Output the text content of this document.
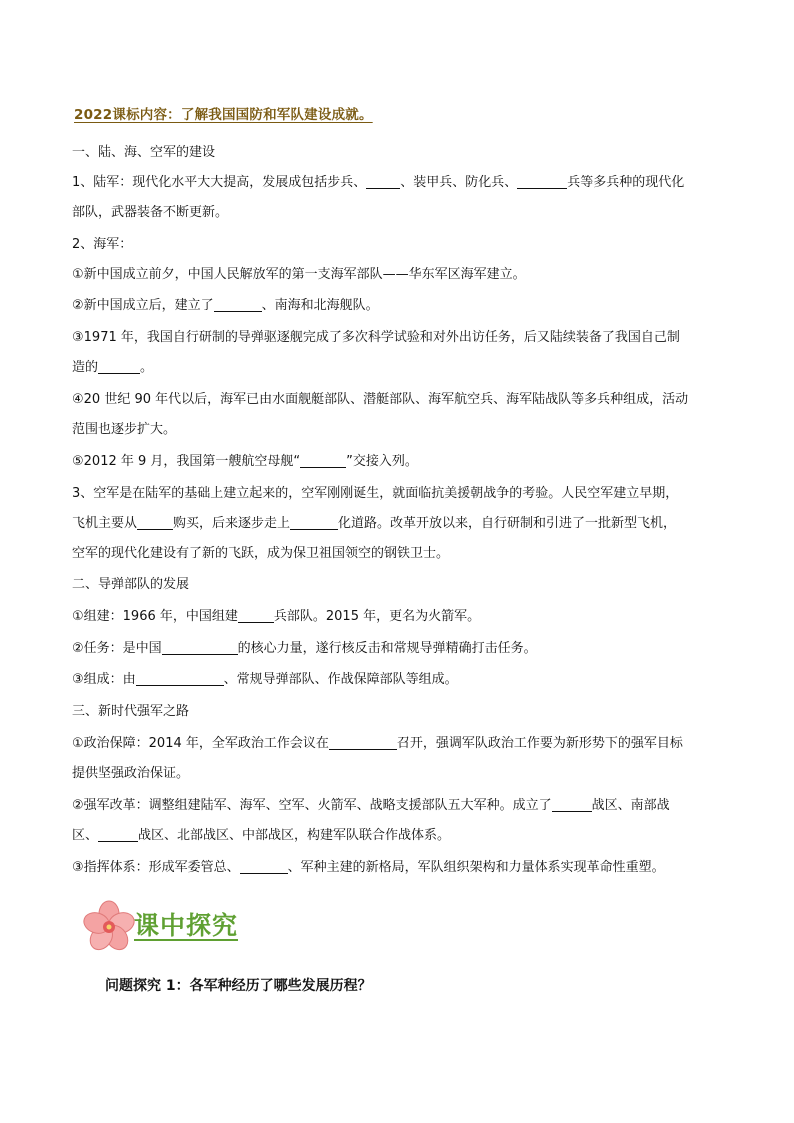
2022课标内容：了解我国国防和军队建设成就。
一、陆、海、空军的建设
1、陆军：现代化水平大大提高，发展成包括步兵、	、装甲兵、防化兵、	兵等多兵种的现代化
部队，武器装备不断更新。
2、海军：
①新中国成立前夕，中国人民解放军的第一支海军部队——华东军区海军建立。
②新中国成立后，建立了	、南海和北海舰队。
③1971 年，我国自行研制的导弹驱逐舰完成了多次科学试验和对外出访任务，后又陆续装备了我国自己制
造的	。
④20 世纪 90 年代以后，海军已由水面舰艇部队、潜艇部队、海军航空兵、海军陆战队等多兵种组成，活动
范围也逐步扩大。
⑤2012 年 9 月，我国第一艘航空母舰“	”交接入列。
3、空军是在陆军的基础上建立起来的，空军刚刚诞生，就面临抗美援朝战争的考验。人民空军建立早期，
飞机主要从	购买，后来逐步走上	化道路。改革开放以来，自行研制和引进了一批新型飞机，
空军的现代化建设有了新的飞跃，成为保卫祖国领空的钢铁卫士。
二、导弹部队的发展
①组建：1966 年，中国组建	兵部队。2015 年，更名为火箭军。
②任务：是中国	的核心力量，遂行核反击和常规导弹精确打击任务。
③组成：由	、常规导弹部队、作战保障部队等组成。
三、新时代强军之路
①政治保障：2014 年，全军政治工作会议在	召开，强调军队政治工作要为新形势下的强军目标
提供坚强政治保证。
②强军改革：调整组建陆军、海军、空军、火箭军、战略支援部队五大军种。成立了	战区、南部战
区、	战区、北部战区、中部战区，构建军队联合作战体系。
③指挥体系：形成军委管总、	、军种主建的新格局，军队组织架构和力量体系实现革命性重塑。
课中探究
问题探究 1：各军种经历了哪些发展历程？
